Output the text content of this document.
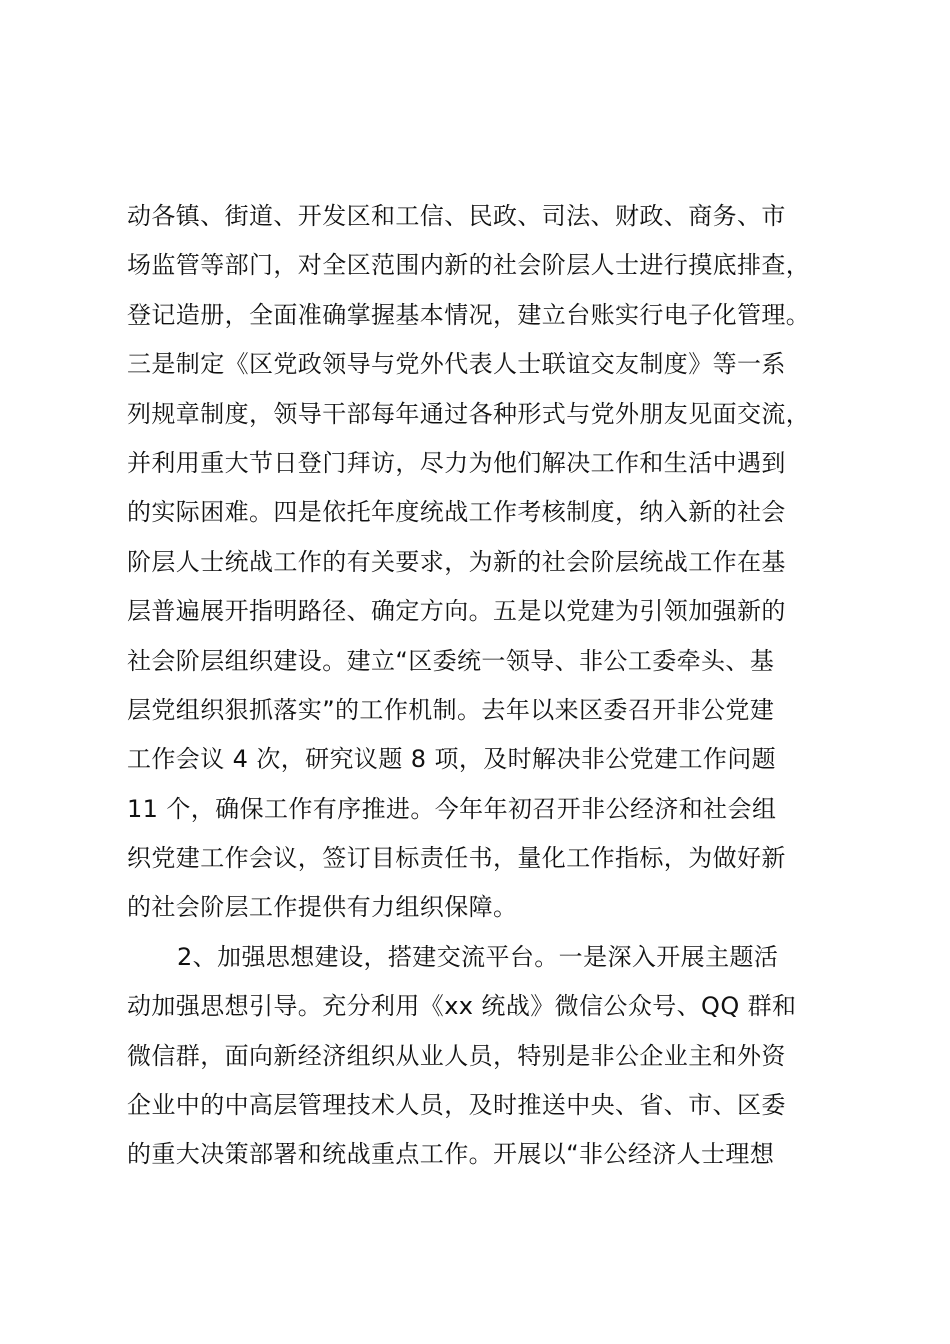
动各镇、街道、开发区和工信、民政、司法、财政、商务、市
场监管等部门，对全区范围内新的社会阶层人士进行摸底排查，
登记造册，全面准确掌握基本情况，建立台账实行电子化管理。
三是制定《区党政领导与党外代表人士联谊交友制度》等一系
列规章制度，领导干部每年通过各种形式与党外朋友见面交流，
并利用重大节日登门拜访，尽力为他们解决工作和生活中遇到
的实际困难。四是依托年度统战工作考核制度，纳入新的社会
阶层人士统战工作的有关要求，为新的社会阶层统战工作在基
层普遍展开指明路径、确定方向。五是以党建为引领加强新的
社会阶层组织建设。建立“区委统一领导、非公工委牵头、基
层党组织狠抓落实”的工作机制。去年以来区委召开非公党建
工作会议 4 次，研究议题 8 项，及时解决非公党建工作问题
11 个，确保工作有序推进。今年年初召开非公经济和社会组
织党建工作会议，签订目标责任书，量化工作指标，为做好新
的社会阶层工作提供有力组织保障。
2、加强思想建设，搭建交流平台。一是深入开展主题活
动加强思想引导。充分利用《xx 统战》微信公众号、QQ 群和
微信群，面向新经济组织从业人员，特别是非公企业主和外资
企业中的中高层管理技术人员，及时推送中央、省、市、区委
的重大决策部署和统战重点工作。开展以“非公经济人士理想
